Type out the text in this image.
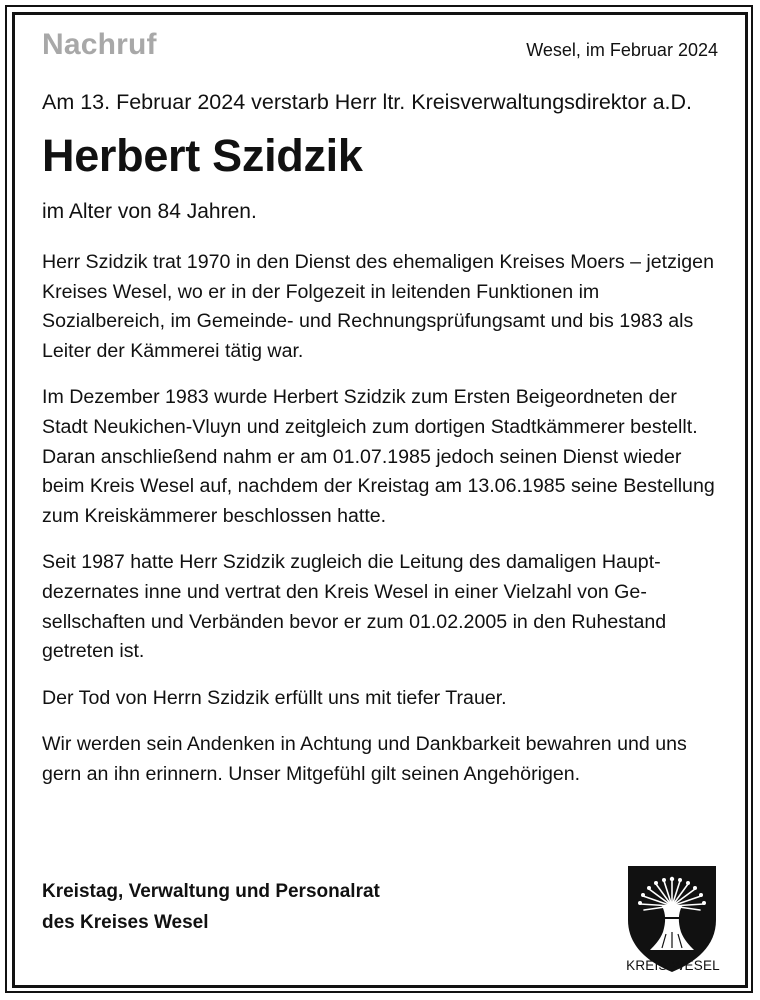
Nachruf	Wesel, im Februar 2024
Am 13. Februar 2024 verstarb Herr ltr. Kreisverwaltungsdirektor a.D.
Herbert Szidzik
im Alter von 84 Jahren.
Herr Szidzik trat 1970 in den Dienst des ehemaligen Kreises Moers – jetzigen Kreises Wesel, wo er in der Folgezeit in leitenden Funktionen im Sozialbereich, im Gemeinde- und Rechnungsprüfungsamt und bis 1983 als Leiter der Kämmerei tätig war.
Im Dezember 1983 wurde Herbert Szidzik zum Ersten Beigeordneten der Stadt Neukichen-Vluyn und zeitgleich zum dortigen Stadtkämmerer bestellt. Daran anschließend nahm er am 01.07.1985 jedoch seinen Dienst wieder beim Kreis Wesel auf, nachdem der Kreistag am 13.06.1985 seine Bestellung zum Kreiskämmerer beschlossen hatte.
Seit 1987 hatte Herr Szidzik zugleich die Leitung des damaligen Haupt-dezernates inne und vertrat den Kreis Wesel in einer Vielzahl von Ge-sellschaften und Verbänden bevor er zum 01.02.2005 in den Ruhestand getreten ist.
Der Tod von Herrn Szidzik erfüllt uns mit tiefer Trauer.
Wir werden sein Andenken in Achtung und Dankbarkeit bewahren und uns gern an ihn erinnern. Unser Mitgefühl gilt seinen Angehörigen.
Kreistag, Verwaltung und Personalrat
des Kreises Wesel
KREIS WESEL
